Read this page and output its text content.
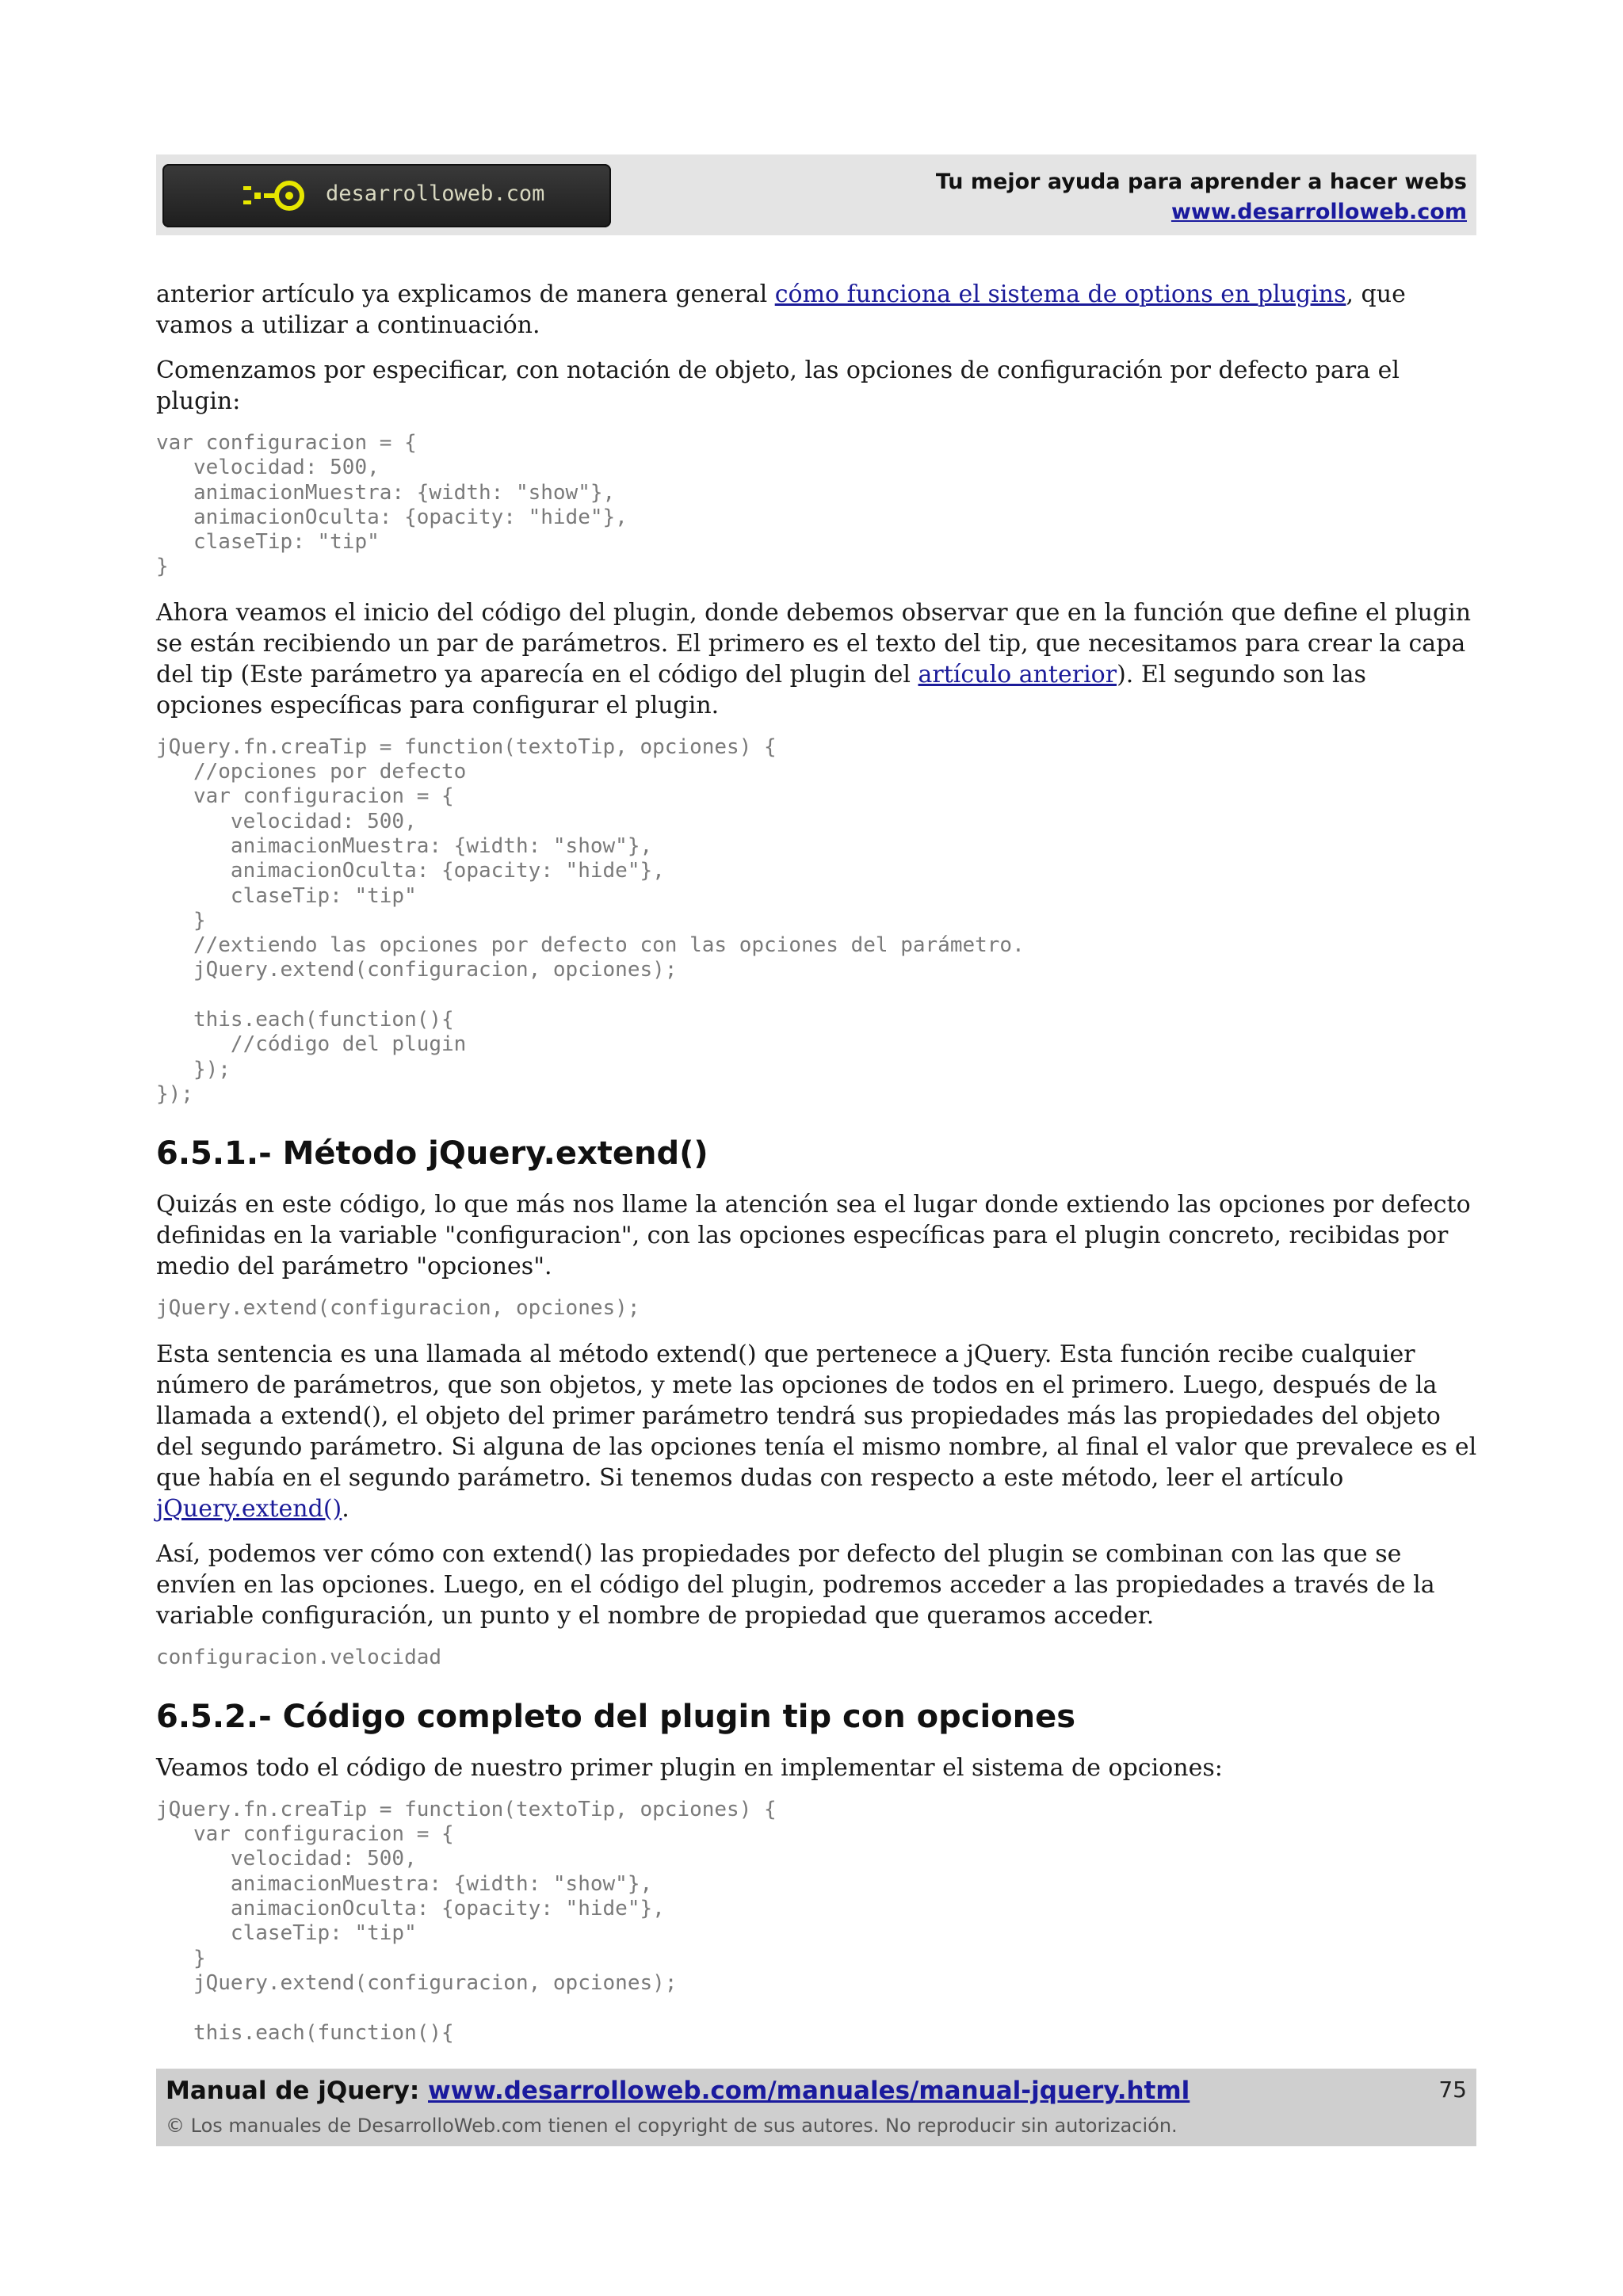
desarrolloweb.com	Tu mejor ayuda para aprender a hacer webs
www.desarrolloweb.com

anterior artículo ya explicamos de manera general cómo funciona el sistema de options en plugins, que vamos a utilizar a continuación.

Comenzamos por especificar, con notación de objeto, las opciones de configuración por defecto para el plugin:

var configuracion = {
velocidad: 500,
animacionMuestra: {width: "show"},
animacionOculta: {opacity: "hide"},
claseTip: "tip"
}

Ahora veamos el inicio del código del plugin, donde debemos observar que en la función que define el plugin se están recibiendo un par de parámetros. El primero es el texto del tip, que necesitamos para crear la capa del tip (Este parámetro ya aparecía en el código del plugin del artículo anterior). El segundo son las opciones específicas para configurar el plugin.

jQuery.fn.creaTip = function(textoTip, opciones) {
//opciones por defecto
var configuracion = {
velocidad: 500,
animacionMuestra: {width: "show"},
animacionOculta: {opacity: "hide"},
claseTip: "tip"
}
//extiendo las opciones por defecto con las opciones del parámetro.
jQuery.extend(configuracion, opciones);

this.each(function(){
//código del plugin
});
});
6.5.1.- Método jQuery.extend()

Quizás en este código, lo que más nos llame la atención sea el lugar donde extiendo las opciones por defecto definidas en la variable "configuracion", con las opciones específicas para el plugin concreto, recibidas por medio del parámetro "opciones".

jQuery.extend(configuracion, opciones);

Esta sentencia es una llamada al método extend() que pertenece a jQuery. Esta función recibe cualquier número de parámetros, que son objetos, y mete las opciones de todos en el primero. Luego, después de la llamada a extend(), el objeto del primer parámetro tendrá sus propiedades más las propiedades del objeto del segundo parámetro. Si alguna de las opciones tenía el mismo nombre, al final el valor que prevalece es el que había en el segundo parámetro. Si tenemos dudas con respecto a este método, leer el artículo jQuery.extend().

Así, podemos ver cómo con extend() las propiedades por defecto del plugin se combinan con las que se envíen en las opciones. Luego, en el código del plugin, podremos acceder a las propiedades a través de la variable configuración, un punto y el nombre de propiedad que queramos acceder.

configuracion.velocidad
6.5.2.- Código completo del plugin tip con opciones

Veamos todo el código de nuestro primer plugin en implementar el sistema de opciones:

jQuery.fn.creaTip = function(textoTip, opciones) {
var configuracion = {
velocidad: 500,
animacionMuestra: {width: "show"},
animacionOculta: {opacity: "hide"},
claseTip: "tip"
}
jQuery.extend(configuracion, opciones);

this.each(function(){
Manual de jQuery: www.desarrolloweb.com/manuales/manual-jquery.html
© Los manuales de DesarrolloWeb.com tienen el copyright de sus autores. No reproducir sin autorización.
75
